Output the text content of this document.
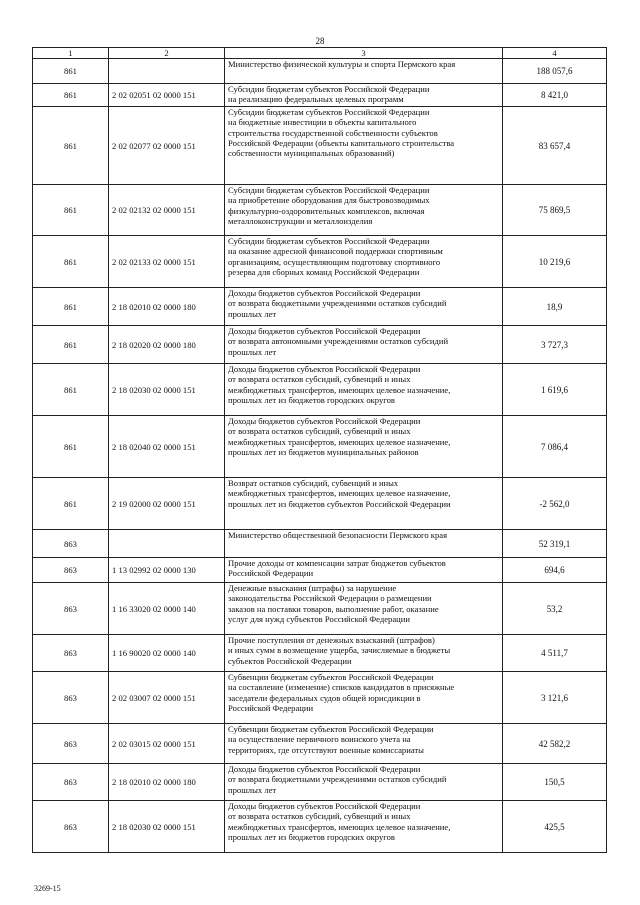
28
1	2	3	4
861		Министерство физической культуры и спорта Пермского края	188 057,6
861	2 02 02051 02 0000 151	Субсидии бюджетам субъектов Российской Федерации
на реализацию федеральных целевых программ	8 421,0
861	2 02 02077 02 0000 151	Субсидии бюджетам субъектов Российской Федерации
на бюджетные инвестиции в объекты капитального
строительства государственной собственности субъектов
Российской Федерации (объекты капитального строительства
собственности муниципальных образований)	83 657,4
861	2 02 02132 02 0000 151	Субсидии бюджетам субъектов Российской Федерации
на приобретение оборудования для быстровозводимых
физкультурно-оздоровительных комплексов, включая
металлоконструкции и металлоизделия	75 869,5
861	2 02 02133 02 0000 151	Субсидии бюджетам субъектов Российской Федерации
на оказание адресной финансовой поддержки спортивным
организациям, осуществляющим подготовку спортивного
резерва для сборных команд Российской Федерации	10 219,6
861	2 18 02010 02 0000 180	Доходы бюджетов субъектов Российской Федерации
от возврата бюджетными учреждениями остатков субсидий
прошлых лет	18,9
861	2 18 02020 02 0000 180	Доходы бюджетов субъектов Российской Федерации
от возврата автономными учреждениями остатков субсидий
прошлых лет	3 727,3
861	2 18 02030 02 0000 151	Доходы бюджетов субъектов Российской Федерации
от возврата остатков субсидий, субвенций и иных
межбюджетных трансфертов, имеющих целевое назначение,
прошлых лет из бюджетов городских округов	1 619,6
861	2 18 02040 02 0000 151	Доходы бюджетов субъектов Российской Федерации
от возврата остатков субсидий, субвенций и иных
межбюджетных трансфертов, имеющих целевое назначение,
прошлых лет из бюджетов муниципальных районов	7 086,4
861	2 19 02000 02 0000 151	Возврат остатков субсидий, субвенций и иных
межбюджетных трансфертов, имеющих целевое назначение,
прошлых лет из бюджетов субъектов Российской Федерации	-2 562,0
863		Министерство общественной безопасности Пермского края	52 319,1
863	1 13 02992 02 0000 130	Прочие доходы от компенсации затрат бюджетов субъектов
Российской Федерации	694,6
863	1 16 33020 02 0000 140	Денежные взыскания (штрафы) за нарушение
законодательства Российской Федерации о размещении
заказов на поставки товаров, выполнение работ, оказание
услуг для нужд субъектов Российской Федерации	53,2
863	1 16 90020 02 0000 140	Прочие поступления от денежных взысканий (штрафов)
и иных сумм в возмещение ущерба, зачисляемые в бюджеты
субъектов Российской Федерации	4 511,7
863	2 02 03007 02 0000 151	Субвенции бюджетам субъектов Российской Федерации
на составление (изменение) списков кандидатов в присяжные
заседатели федеральных судов общей юрисдикции в
Российской Федерации	3 121,6
863	2 02 03015 02 0000 151	Субвенции бюджетам субъектов Российской Федерации
на осуществление первичного воинского учета на
территориях, где отсутствуют военные комиссариаты	42 582,2
863	2 18 02010 02 0000 180	Доходы бюджетов субъектов Российской Федерации
от возврата бюджетными учреждениями остатков субсидий
прошлых лет	150,5
863	2 18 02030 02 0000 151	Доходы бюджетов субъектов Российской Федерации
от возврата остатков субсидий, субвенций и иных
межбюджетных трансфертов, имеющих целевое назначение,
прошлых лет из бюджетов городских округов	425,5
3269-15
